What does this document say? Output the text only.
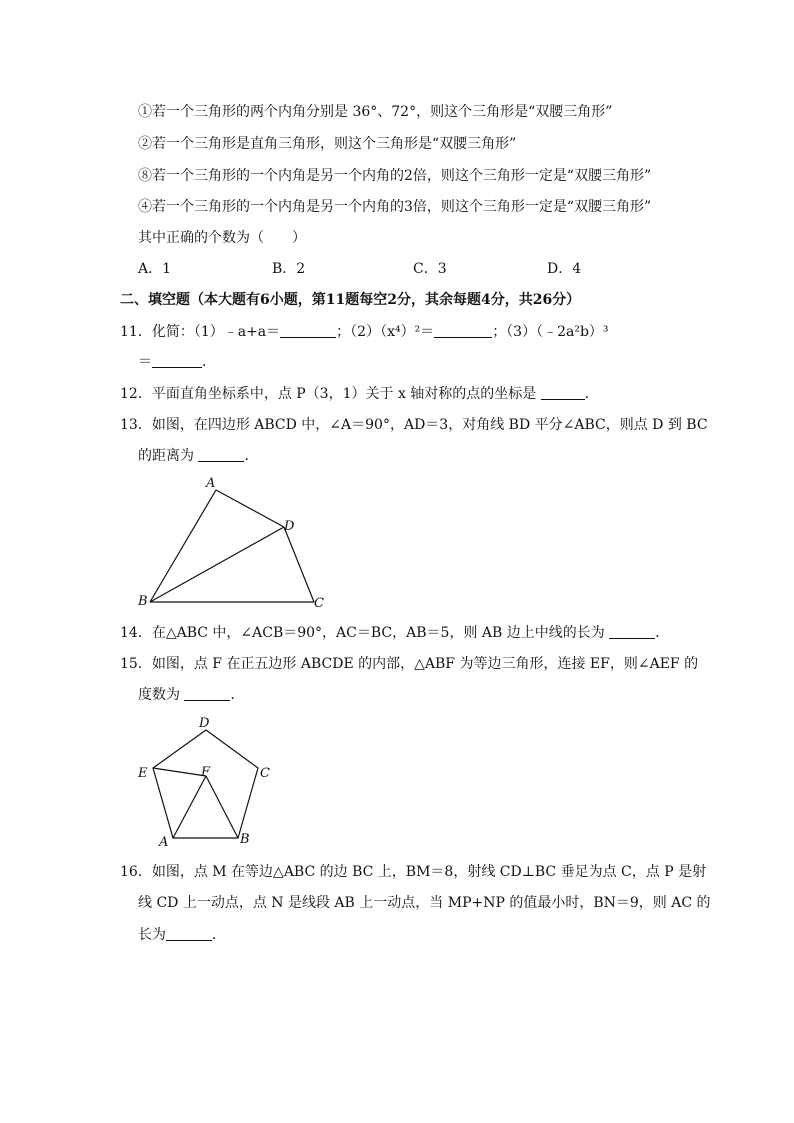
①若一个三角形的两个内角分别是 36°、72°，则这个三角形是“双腰三角形”
②若一个三角形是直角三角形，则这个三角形是“双腰三角形”
⑧若一个三角形的一个内角是另一个内角的2倍，则这个三角形一定是“双腰三角形”
④若一个三角形的一个内角是另一个内角的3倍，则这个三角形一定是“双腰三角形”
其中正确的个数为（　　）
A．1	B．2	C．3	D．4
二、填空题（本大题有6小题，第11题每空2分，其余每题4分，共26分）
11．化简：（1）﹣a+a＝	；（2）（x⁴）²＝	；（3）（﹣2a²b）³
＝	．
12．平面直角坐标系中，点 P（3，1）关于 x 轴对称的点的坐标是	．
13．如图，在四边形 ABCD 中，∠A＝90°，AD＝3，对角线 BD 平分∠ABC，则点 D 到 BC
的距离为	．
A
B	C
D
14．在△ABC 中，∠ACB＝90°，AC＝BC，AB＝5，则 AB 边上中线的长为	．
15．如图，点 F 在正五边形 ABCDE 的内部，△ABF 为等边三角形，连接 EF，则∠AEF 的
度数为	．
D
C
E	F
A	B
16．如图，点 M 在等边△ABC 的边 BC 上，BM＝8，射线 CD⊥BC 垂足为点 C，点 P 是射
线 CD 上一动点，点 N 是线段 AB 上一动点，当 MP+NP 的值最小时，BN＝9，则 AC 的
长为	．
